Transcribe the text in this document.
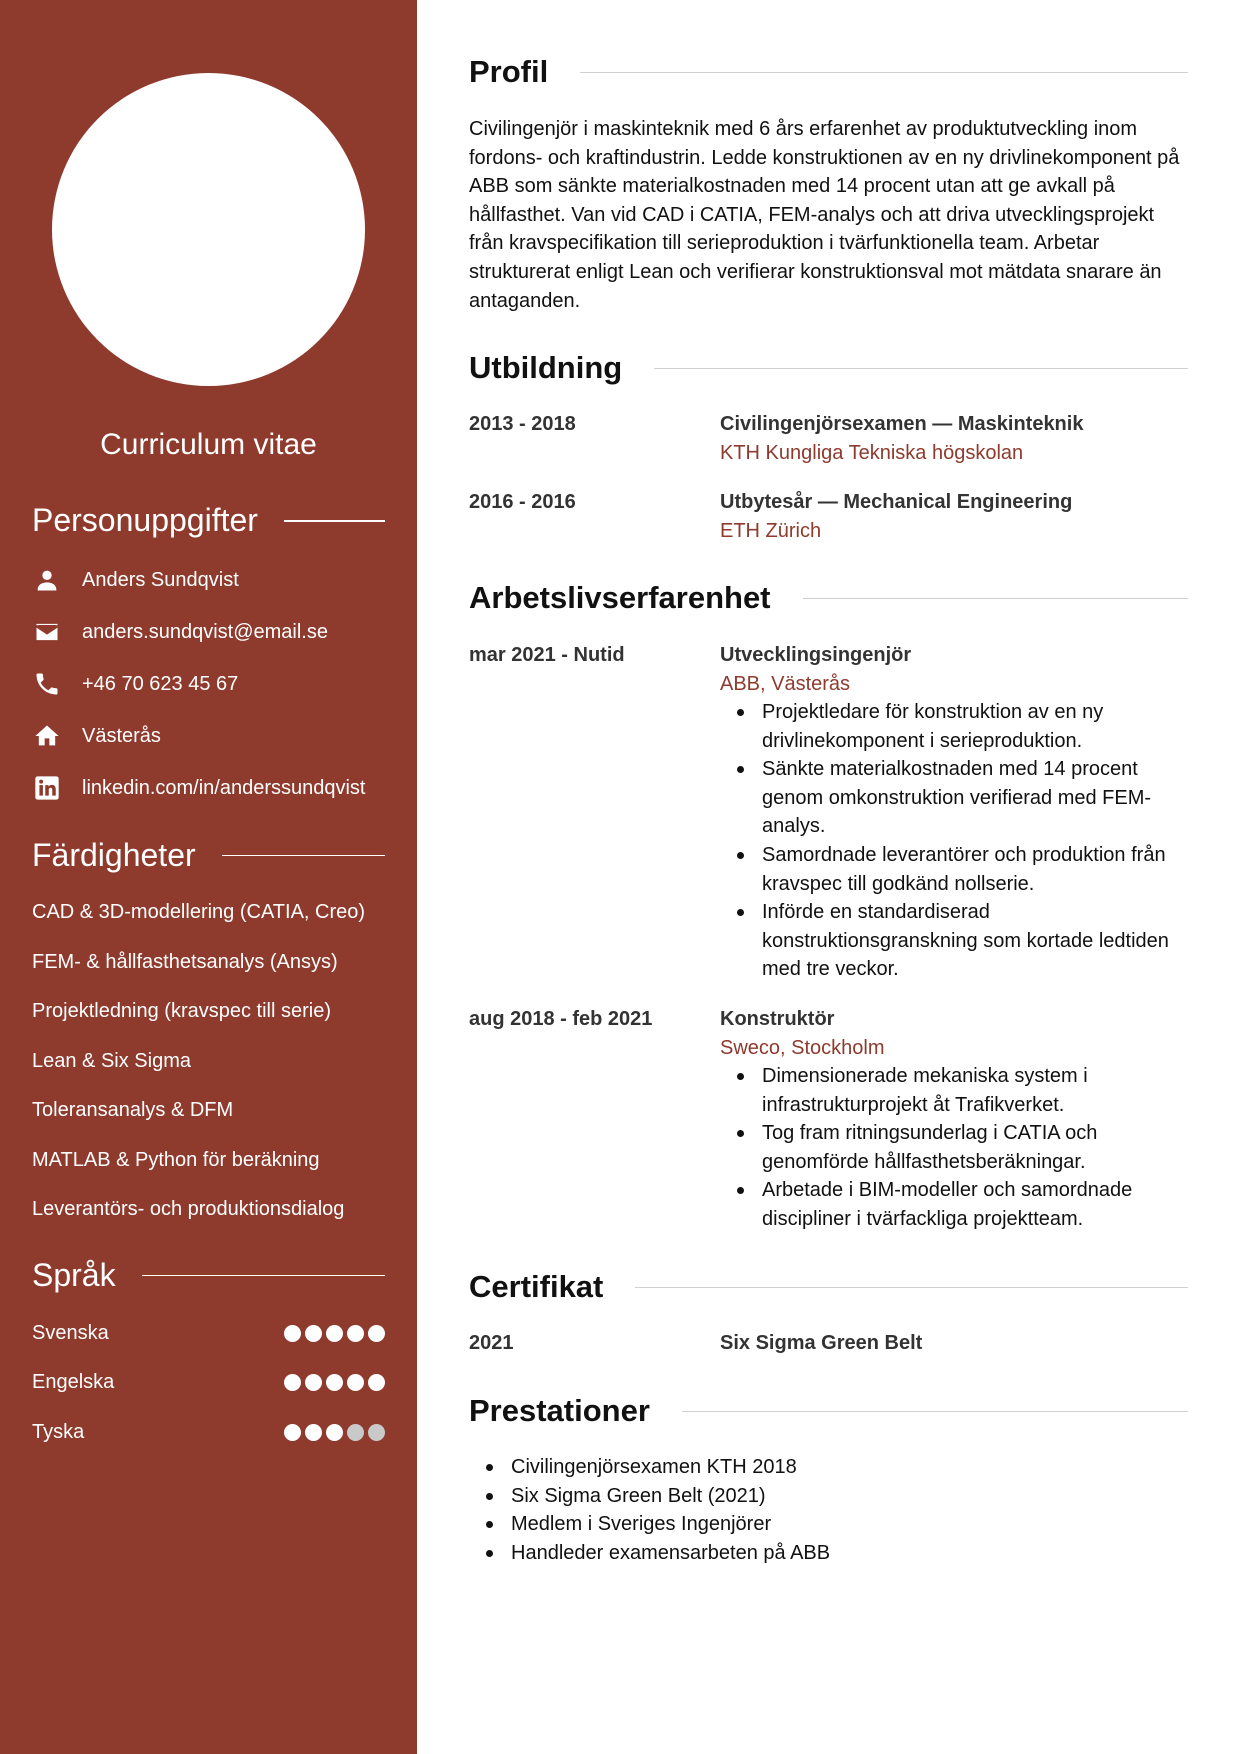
Curriculum vitae
Personuppgifter
Anders Sundqvist
anders.sundqvist@email.se
+46 70 623 45 67
Västerås
linkedin.com/in/anderssundqvist
Färdigheter
CAD & 3D-modellering (CATIA, Creo)
FEM- & hållfasthetsanalys (Ansys)
Projektledning (kravspec till serie)
Lean & Six Sigma
Toleransanalys & DFM
MATLAB & Python för beräkning
Leverantörs- och produktionsdialog
Språk
Svenska
Engelska
Tyska
Profil

Civilingenjör i maskinteknik med 6 års erfarenhet av produktutveckling inom fordons- och kraftindustrin. Ledde konstruktionen av en ny drivlinekomponent på ABB som sänkte materialkostnaden med 14 procent utan att ge avkall på hållfasthet. Van vid CAD i CATIA, FEM-analys och att driva utvecklingsprojekt från kravspecifikation till serieproduktion i tvärfunktionella team. Arbetar strukturerat enligt Lean och verifierar konstruktionsval mot mätdata snarare än antaganden.

Utbildning
2013 - 2018	Civilingenjörsexamen — Maskinteknik
KTH Kungliga Tekniska högskolan
2016 - 2016	Utbytesår — Mechanical Engineering
ETH Zürich
Arbetslivserfarenhet
mar 2021 - Nutid	Utvecklingsingenjör
ABB, Västerås
Projektledare för konstruktion av en ny drivlinekomponent i serieproduktion.
Sänkte materialkostnaden med 14 procent genom omkonstruktion verifierad med FEM-analys.
Samordnade leverantörer och produktion från kravspec till godkänd nollserie.
Införde en standardiserad konstruktionsgranskning som kortade ledtiden med tre veckor.
aug 2018 - feb 2021	Konstruktör
Sweco, Stockholm
Dimensionerade mekaniska system i infrastrukturprojekt åt Trafikverket.
Tog fram ritningsunderlag i CATIA och genomförde hållfasthetsberäkningar.
Arbetade i BIM-modeller och samordnade discipliner i tvärfackliga projektteam.
Certifikat
2021	Six Sigma Green Belt
Prestationer
Civilingenjörsexamen KTH 2018
Six Sigma Green Belt (2021)
Medlem i Sveriges Ingenjörer
Handleder examensarbeten på ABB
